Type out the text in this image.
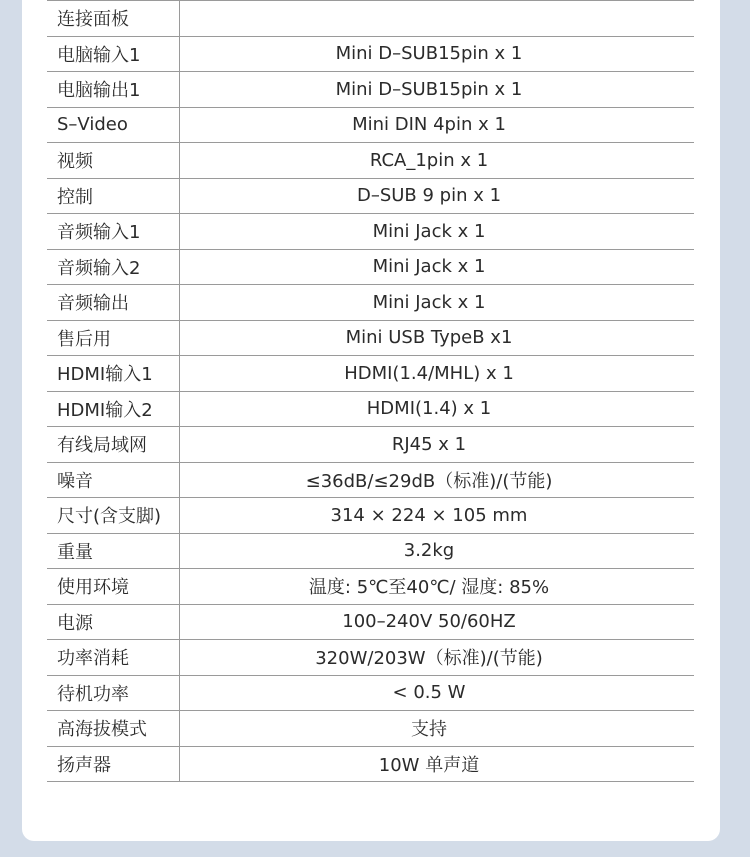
连接面板	
电脑输入1	Mini D–SUB15pin x 1
电脑输出1	Mini D–SUB15pin x 1
S–Video	Mini DIN 4pin x 1
视频	RCA_1pin x 1
控制	D–SUB 9 pin x 1
音频输入1	Mini Jack x 1
音频输入2	Mini Jack x 1
音频输出	Mini Jack x 1
售后用	Mini USB TypeB x1
HDMI输入1	HDMI(1.4/MHL) x 1
HDMI输入2	HDMI(1.4) x 1
有线局域网	RJ45 x 1
噪音	≤36dB/≤29dB（标准)/(节能)
尺寸(含支脚)	314 × 224 × 105 mm
重量	3.2kg
使用环境	温度: 5℃至40℃/ 湿度: 85%
电源	100–240V 50/60HZ
功率消耗	320W/203W（标准)/(节能)
待机功率	< 0.5 W
高海拔模式	支持
扬声器	10W 单声道
